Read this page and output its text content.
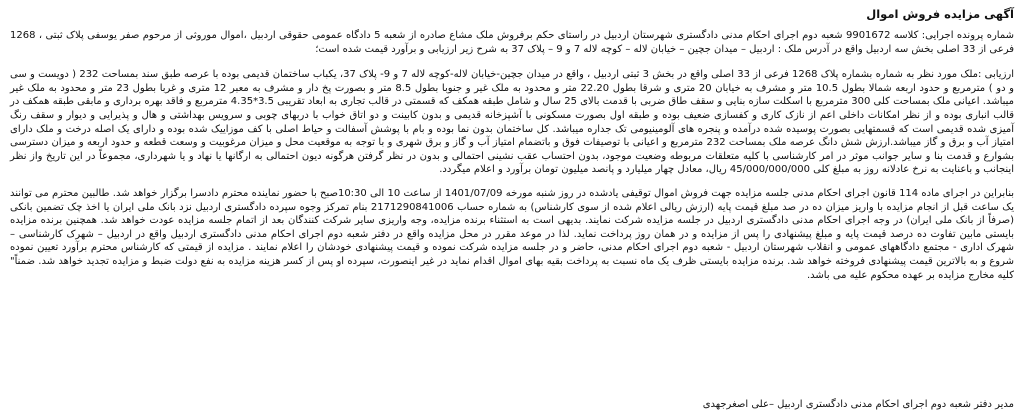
آگهی مزایده فروش اموال

شماره پرونده اجرایی: کلاسه 9901672 شعبه دوم اجرای احکام مدنی دادگستری شهرستان اردبیل در راستای حکم برفروش ملک مشاع صادره از شعبه 5 دادگاه عمومی حقوقی اردبیل ،اموال موروثی از مرحوم صفر یوسفی پلاک ثبتی ، 1268 فرعی از 33 اصلی بخش سه اردبیل واقع در آدرس ملک : اردبیل – میدان جچین – خیابان لاله – کوچه لاله 7 و 9 – پلاک 37 به شرح زیر ارزیابی و برآورد قیمت شده است؛

ارزیابی :ملک مورد نظر به شماره بشماره پلاک 1268 فرعی از 33 اصلی واقع در بخش 3 ثبتی اردبیل ، واقع در میدان جچین-خیابان لاله-کوچه لاله 7 و 9- پلاک 37، یکباب ساختمان قدیمی بوده با عرصه طبق سند بمساحت 232 ( دویست و سی و دو ) مترمربع و حدود اربعه شمالا بطول 10.5 متر و مشرف به خیابان 20 متری و شرقا بطول 22.20 متر و محدود به ملک غیر و جنوبا بطول 8.5 متر و بصورت پخ دار و مشرف به معبر 12 متری و غربا بطول 23 متر و محدود به ملک غیر میباشد. اعیانی ملک بمساحت کلی 300 مترمربع با اسکلت سازه بنایی و سقف طاق ضربی با قدمت بالای 25 سال و شامل طبقه همکف که قسمتی در قالب تجاری به ابعاد تقریبی 3.5*4.35 مترمربع و فاقد بهره برداری و مابقی طبقه همکف در قالب انباری بوده و از نظر امکانات داخلی اعم از نازک کاری و کفسازی ضعیف بوده و طبقه اول بصورت مسکونی با آشپزخانه قدیمی و بدون کابینت و دو اتاق خواب با دربهای چوبی و سرویس بهداشتی و هال و پذیرایی و دیوار و سقف رنگ آمیزی شده قدیمی است که قسمتهایی بصورت پوسیده شده درآمده و پنجره های آلومینیومی تک جداره میباشد. کل ساختمان بدون نما بوده و بام با پوشش آسفالت و حیاط اصلی با کف موزاییک شده بوده و دارای یک اصله درخت و ملک دارای امتیاز آب و برق و گاز میباشد.ارزش شش دانگ عرصه ملک بمساحت 232 مترمربع و اعیانی با توصیفات فوق و باتضمام امتیاز آب و گاز و برق شهری و با توجه به موقعیت محل و میزان مرغوبیت و وسعت قطعه و حدود اربعه و میزان دسترسی بشوارع و قدمت بنا و سایر جوانب موثر در امر کارشناسی با کلیه متعلقات مربوطه وضعیت موجود، بدون احتساب عقب نشینی احتمالی و بدون در نظر گرفتن هرگونه دیون احتمالی به ارگانها یا نهاد و یا شهرداری، مجموعاً در این تاریخ واز نظر اینجانب و باعنایت به نرخ عادلانه روز به مبلغ کلی 45/000/000/000 ریال، معادل چهار میلیارد و پانصد میلیون تومان برآورد و اعلام میگردد.

بنابراین در اجرای ماده 114 قانون اجرای احکام مدنی جلسه مزایده جهت فروش اموال توقیفی یادشده در روز شنبه مورخه 1401/07/09 از ساعت 10 الی 10:30صبح با حضور نماینده محترم دادسرا برگزار خواهد شد. طالبین محترم می توانند یک ساعت قبل از انجام مزایده با واریز میزان ده در صد مبلغ قیمت پایه (ارزش ریالی اعلام شده از سوی کارشناس) به شماره حساب 2171290841006 بنام تمرکز وجوه سپرده دادگستری اردبیل نزد بانک ملی ایران یا اخذ چک تضمین بانکی (صرفاً از بانک ملی ایران) در وجه اجرای احکام مدنی دادگستری اردبیل در جلسه مزایده شرکت نمایند. بدیهی است به استثناء برنده مزایده، وجه واریزی سایر شرکت کنندگان بعد از اتمام جلسه مزایده عودت خواهد شد. همچنین برنده مزایده بایستی مابین تفاوت ده درصد قیمت پایه و مبلغ پیشنهادی را پس از مزایده و در همان روز پرداخت نماید. لذا در موعد مقرر در محل مزایده واقع در دفتر شعبه دوم اجرای احکام مدنی دادگستری اردبیل واقع در اردبیل – شهرک کارشناسی – شهرک اداری - مجتمع دادگاههای عمومی و انقلاب شهرستان اردبیل - شعبه دوم اجرای احکام مدنی، حاضر و در جلسه مزایده شرکت نموده و قیمت پیشنهادی خودشان را اعلام نمایند . مزایده از قیمتی که کارشناس محترم برآورد تعیین نموده شروع و به بالاترین قیمت پیشنهادی فروخته خواهد شد. برنده مزایده بایستی ظرف یک ماه نسبت به پرداخت بقیه بهای اموال اقدام نماید در غیر اینصورت، سپرده او پس از کسر هزینه مزایده به نفع دولت ضبط و مزایده تجدید خواهد شد. ضمناً" کلیه مخارج مزایده بر عهده محکوم علیه می باشد.

مدیر دفتر شعبه دوم اجرای احکام مدنی دادگستری اردبیل –علی اصغرجهدی
